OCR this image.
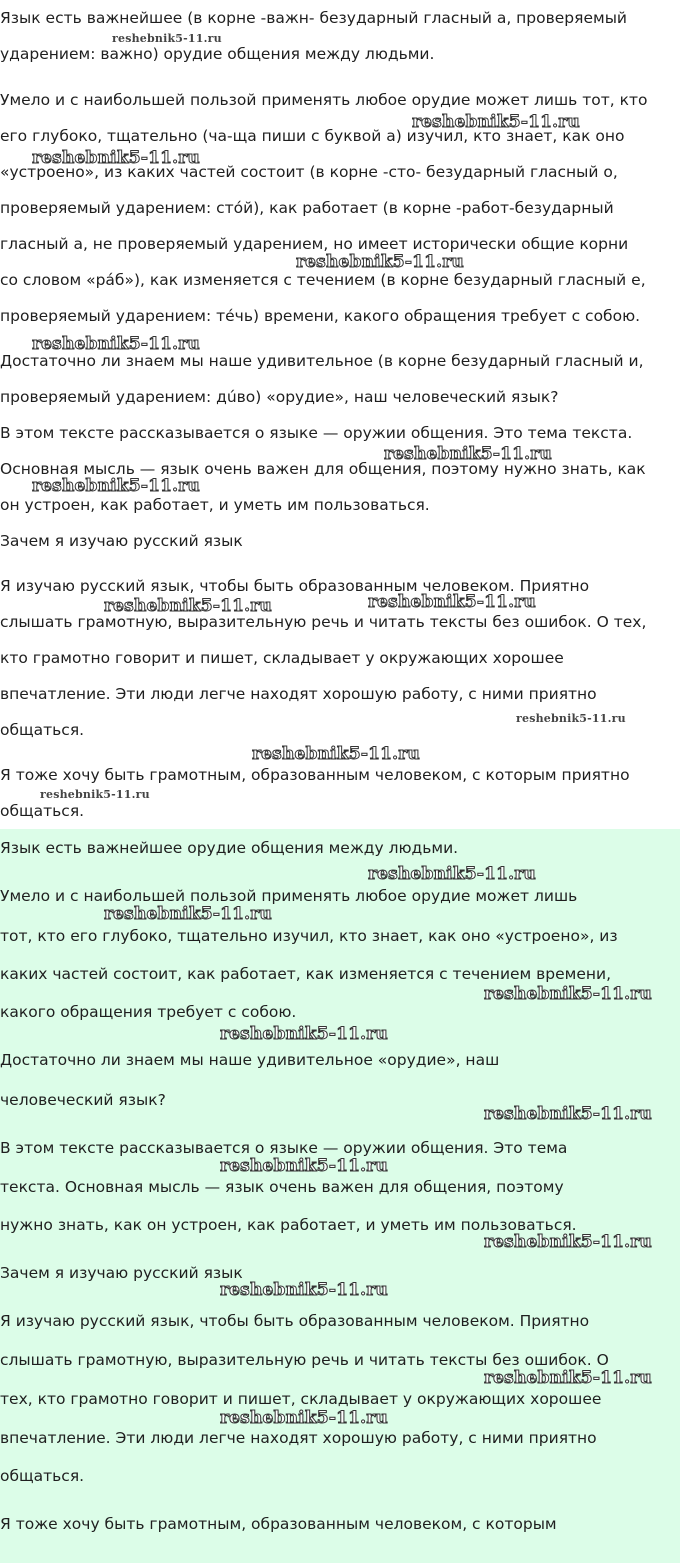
Язык есть важнейшее (в корне -важн- безударный гласный а, проверяемый
ударением: важно) орудие общения между людьми.
Умело и с наибольшей пользой применять любое орудие может лишь тот, кто
его глубоко, тщательно (ча-ща пиши с буквой а) изучил, кто знает, как оно
«устроено», из каких частей состоит (в корне -сто- безударный гласный о,
проверяемый ударением: стóй), как работает (в корне -работ-безударный
гласный а, не проверяемый ударением, но имеет исторически общие корни
со словом «рáб»), как изменяется с течением (в корне безударный гласный е,
проверяемый ударением: тéчь) времени, какого обращения требует с собою.
Достаточно ли знаем мы наше удивительное (в корне безударный гласный и,
проверяемый ударением: дúво) «орудие», наш человеческий язык?
В этом тексте рассказывается о языке — оружии общения. Это тема текста.
Основная мысль — язык очень важен для общения, поэтому нужно знать, как
он устроен, как работает, и уметь им пользоваться.
Зачем я изучаю русский язык
Я изучаю русский язык, чтобы быть образованным человеком. Приятно
слышать грамотную, выразительную речь и читать тексты без ошибок. О тех,
кто грамотно говорит и пишет, складывает у окружающих хорошее
впечатление. Эти люди легче находят хорошую работу, с ними приятно
общаться.
Я тоже хочу быть грамотным, образованным человеком, с которым приятно
общаться.
Язык есть важнейшее орудие общения между людьми.
Умело и с наибольшей пользой применять любое орудие может лишь
тот, кто его глубоко, тщательно изучил, кто знает, как оно «устроено», из
каких частей состоит, как работает, как изменяется с течением времени,
какого обращения требует с собою.
Достаточно ли знаем мы наше удивительное «орудие», наш
человеческий язык?
В этом тексте рассказывается о языке — оружии общения. Это тема
текста. Основная мысль — язык очень важен для общения, поэтому
нужно знать, как он устроен, как работает, и уметь им пользоваться.
Зачем я изучаю русский язык
Я изучаю русский язык, чтобы быть образованным человеком. Приятно
слышать грамотную, выразительную речь и читать тексты без ошибок. О
тех, кто грамотно говорит и пишет, складывает у окружающих хорошее
впечатление. Эти люди легче находят хорошую работу, с ними приятно
общаться.
Я тоже хочу быть грамотным, образованным человеком, с которым
reshebnik5-11.ru
reshebnik5-11.ru
reshebnik5-11.ru
reshebnik5-11.ru
reshebnik5-11.ru
reshebnik5-11.ru
reshebnik5-11.ru
reshebnik5-11.ru	reshebnik5-11.ru
reshebnik5-11.ru
reshebnik5-11.ru
reshebnik5-11.ru
reshebnik5-11.ru
reshebnik5-11.ru
reshebnik5-11.ru
reshebnik5-11.ru
reshebnik5-11.ru
reshebnik5-11.ru
reshebnik5-11.ru
reshebnik5-11.ru
reshebnik5-11.ru
reshebnik5-11.ru
